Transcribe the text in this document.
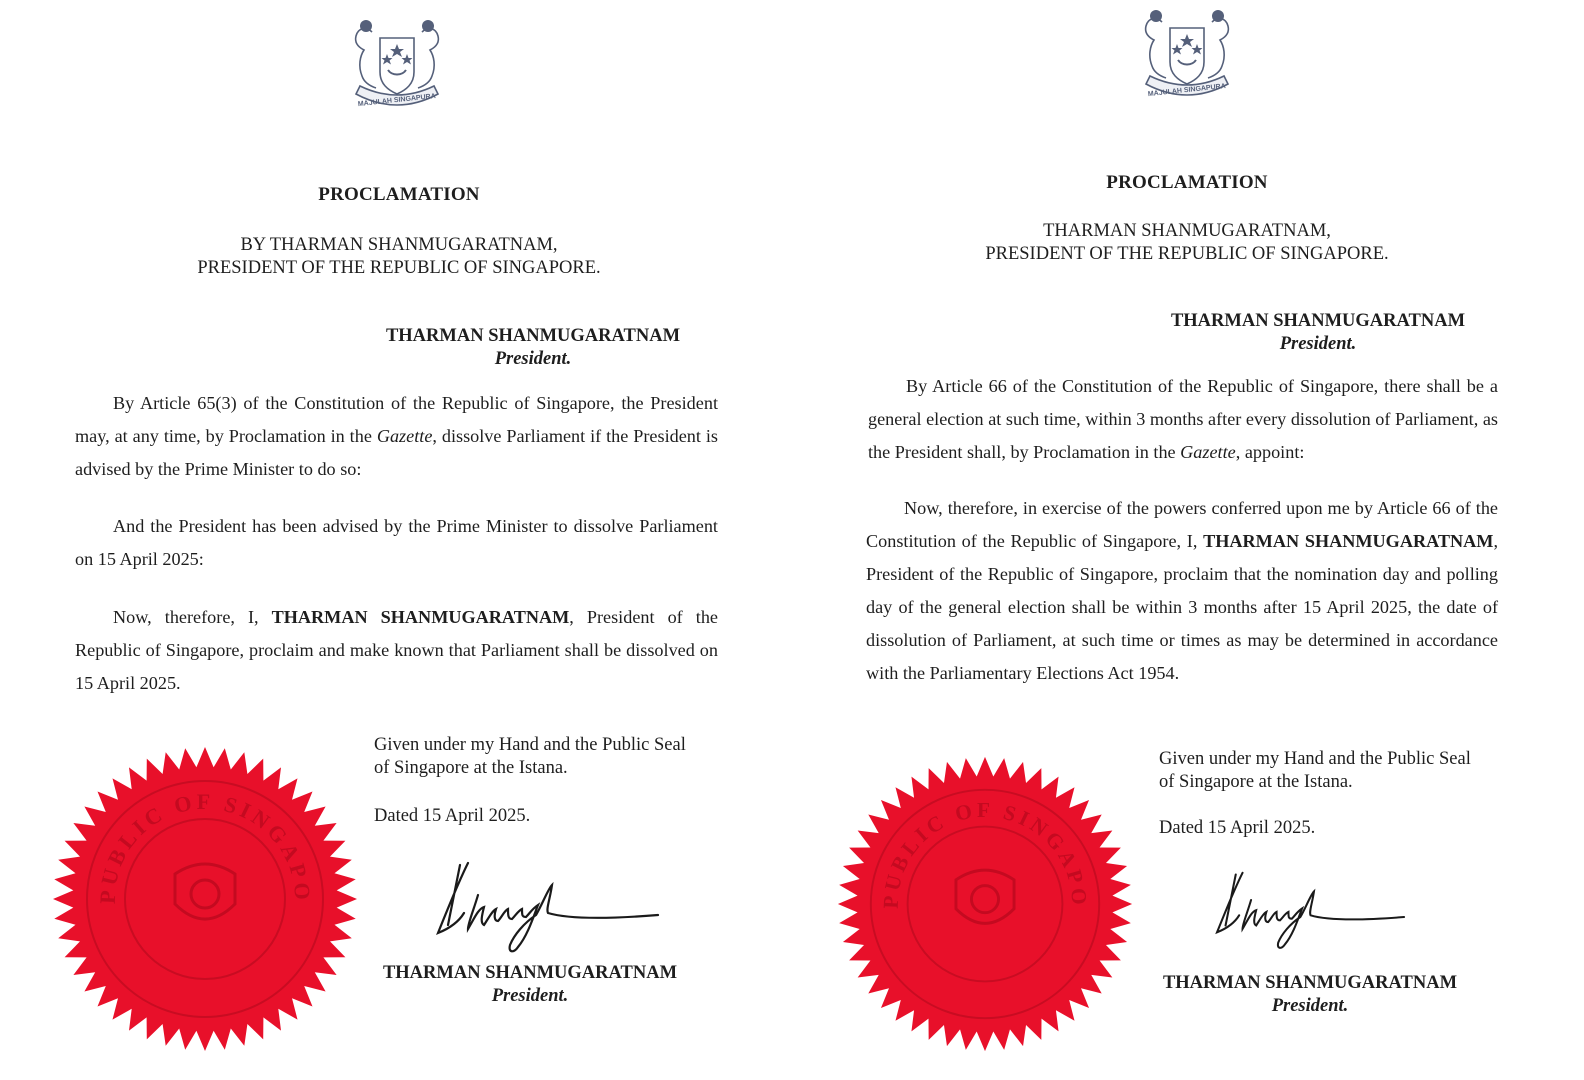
MAJULAH SINGAPURA
PROCLAMATION
BY THARMAN SHANMUGARATNAM,
PRESIDENT OF THE REPUBLIC OF SINGAPORE.
THARMAN SHANMUGARATNAM
President.

By Article 65(3) of the Constitution of the Republic of Singapore, the President may, at any time, by Proclamation in the Gazette, dissolve Parliament if the President is advised by the Prime Minister to do so:

And the President has been advised by the Prime Minister to dissolve Parliament on 15 April 2025:

Now, therefore, I, THARMAN SHANMUGARATNAM, President of the Republic of Singapore, proclaim and make known that Parliament shall be dissolved on 15 April 2025.

PUBLIC OF SINGAPO
Given under my Hand and the Public Seal
of Singapore at the Istana.
Dated 15 April 2025.
THARMAN SHANMUGARATNAM
President.
MAJULAH SINGAPURA
PROCLAMATION
THARMAN SHANMUGARATNAM,
PRESIDENT OF THE REPUBLIC OF SINGAPORE.
THARMAN SHANMUGARATNAM
President.

By Article 66 of the Constitution of the Republic of Singapore, there shall be a general election at such time, within 3 months after every dissolution of Parliament, as the President shall, by Proclamation in the Gazette, appoint:

Now, therefore, in exercise of the powers conferred upon me by Article 66 of the Constitution of the Republic of Singapore, I, THARMAN SHANMUGARATNAM, President of the Republic of Singapore, proclaim that the nomination day and polling day of the general election shall be within 3 months after 15 April 2025, the date of dissolution of Parliament, at such time or times as may be determined in accordance with the Parliamentary Elections Act 1954.

PUBLIC OF SINGAPO
Given under my Hand and the Public Seal
of Singapore at the Istana.
Dated 15 April 2025.
THARMAN SHANMUGARATNAM
President.
